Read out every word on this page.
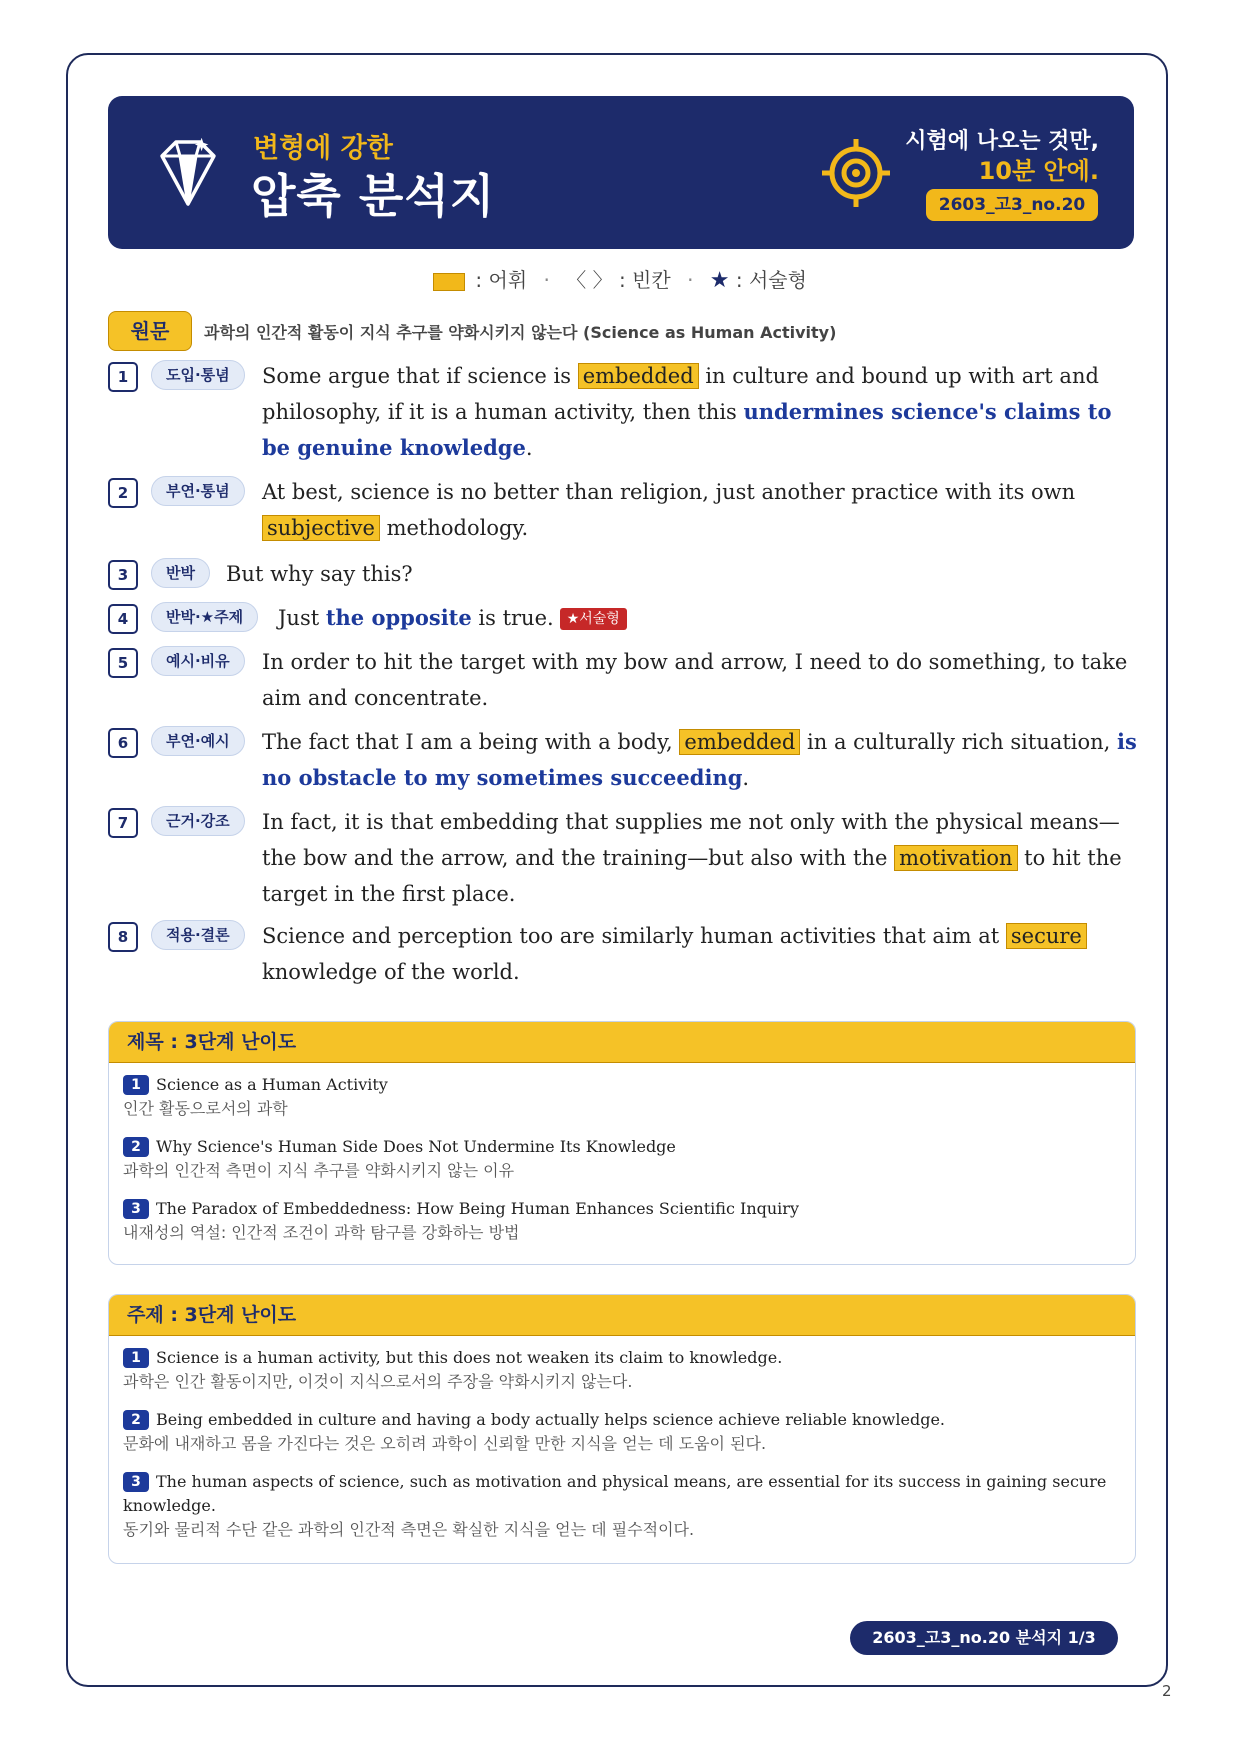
변형에 강한
압축 분석지
시험에 나오는 것만,
10분 안에.
2603_고3_no.20
: 어휘 · 〈 〉 : 빈칸 · ★ : 서술형
원문	과학의 인간적 활동이 지식 추구를 약화시키지 않는다 (Science as Human Activity)
1	도입·통념	Some argue that if science is embedded in culture and bound up with art and philosophy, if it is a human activity, then this undermines science's claims to be genuine knowledge.
2	부연·통념	At best, science is no better than religion, just another practice with its own subjective methodology.
3	반박	But why say this?
4	반박·★주제	Just the opposite is true. ★서술형
5	예시·비유	In order to hit the target with my bow and arrow, I need to do something, to take aim and concentrate.
6	부연·예시	The fact that I am a being with a body, embedded in a culturally rich situation, is no obstacle to my sometimes succeeding.
7	근거·강조	In fact, it is that embedding that supplies me not only with the physical means—the bow and the arrow, and the training—but also with the motivation to hit the target in the first place.
8	적용·결론	Science and perception too are similarly human activities that aim at secure knowledge of the world.
제목 : 3단계 난이도
1 Science as a Human Activity
인간 활동으로서의 과학
2 Why Science's Human Side Does Not Undermine Its Knowledge
과학의 인간적 측면이 지식 추구를 약화시키지 않는 이유
3 The Paradox of Embeddedness: How Being Human Enhances Scientific Inquiry
내재성의 역설: 인간적 조건이 과학 탐구를 강화하는 방법
주제 : 3단계 난이도
1 Science is a human activity, but this does not weaken its claim to knowledge.
과학은 인간 활동이지만, 이것이 지식으로서의 주장을 약화시키지 않는다.
2 Being embedded in culture and having a body actually helps science achieve reliable knowledge.
문화에 내재하고 몸을 가진다는 것은 오히려 과학이 신뢰할 만한 지식을 얻는 데 도움이 된다.
3 The human aspects of science, such as motivation and physical means, are essential for its success in gaining secure knowledge.
동기와 물리적 수단 같은 과학의 인간적 측면은 확실한 지식을 얻는 데 필수적이다.
2603_고3_no.20 분석지 1/3
2
